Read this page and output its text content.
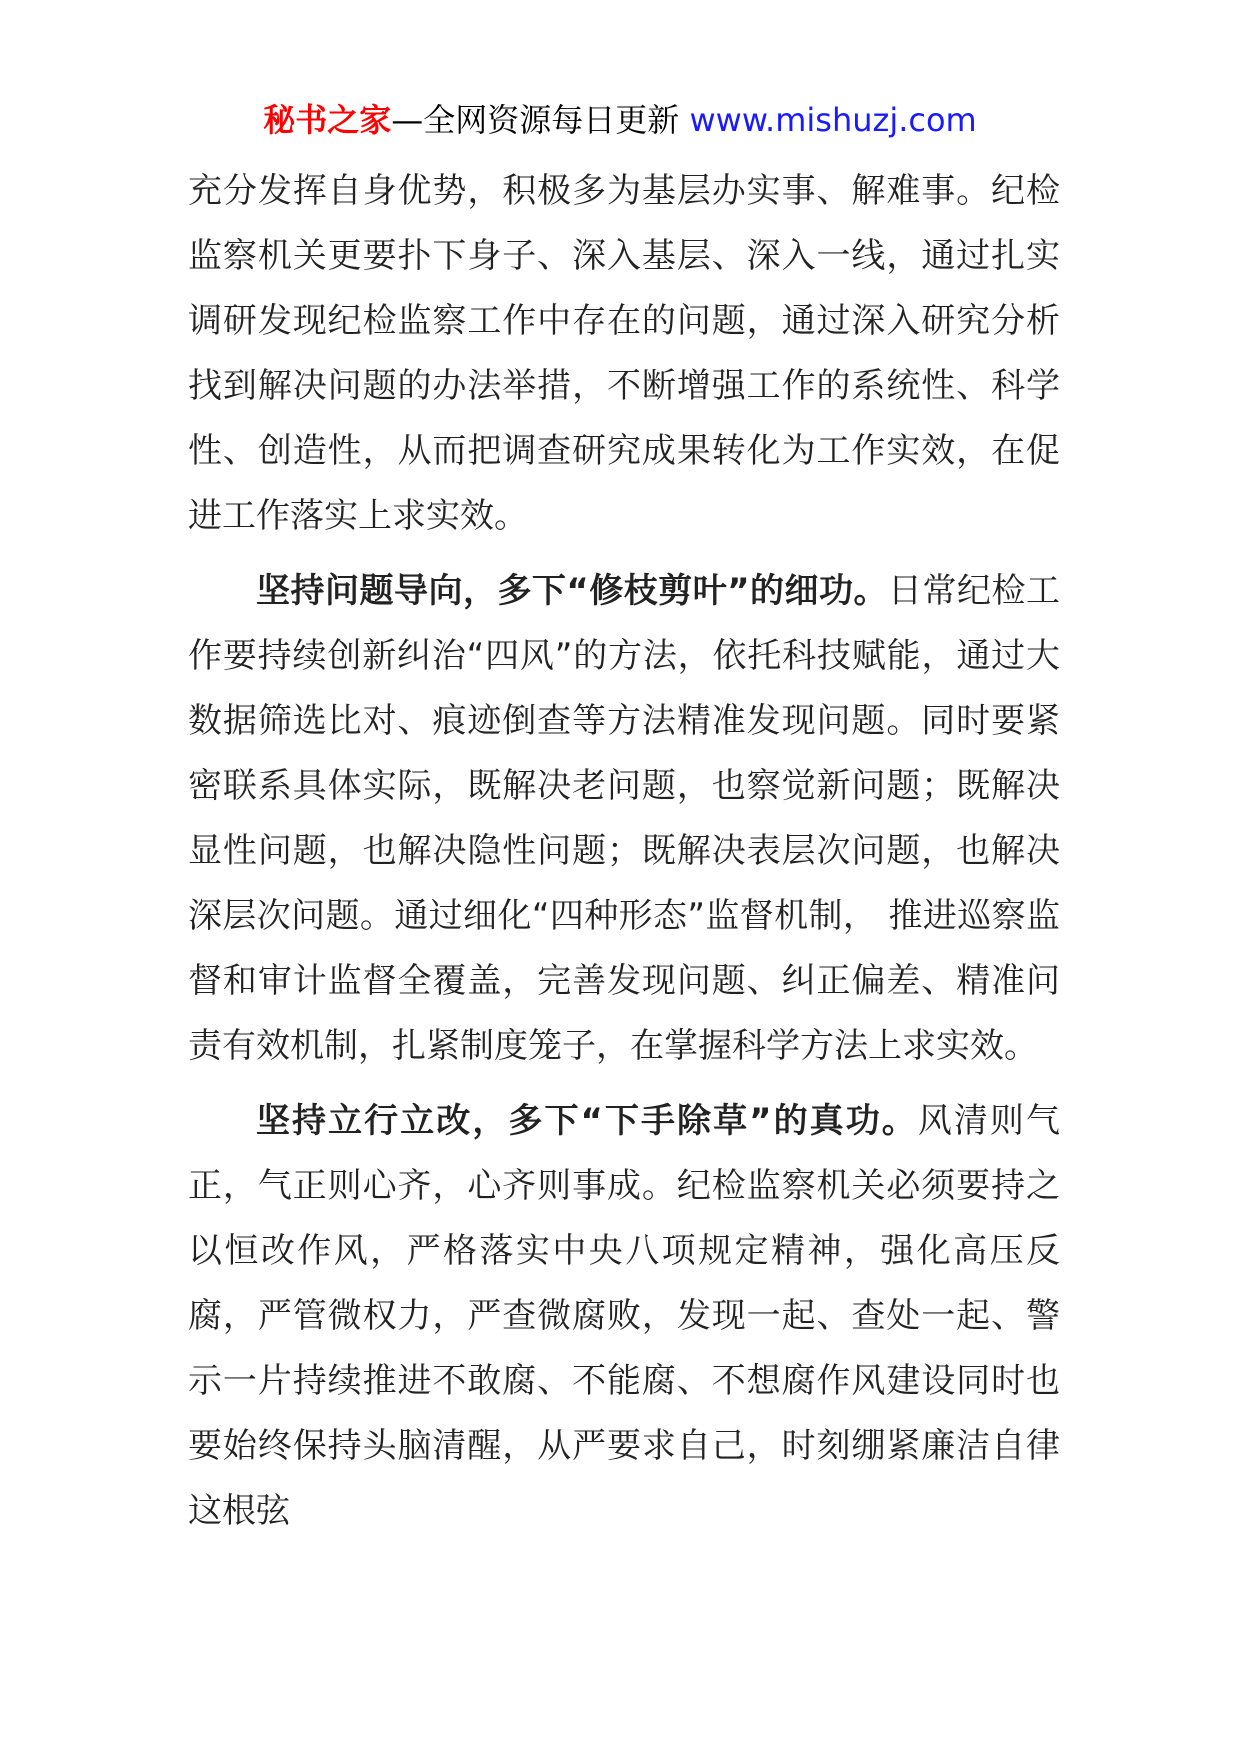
秘书之家—全网资源每日更新 www.mishuzj.com

充分发挥自身优势，积极多为基层办实事、解难事。纪检监察机关更要扑下身子、深入基层、深入一线，通过扎实调研发现纪检监察工作中存在的问题，通过深入研究分析找到解决问题的办法举措，不断增强工作的系统性、科学性、创造性，从而把调查研究成果转化为工作实效，在促进工作落实上求实效。

坚持问题导向，多下“修枝剪叶”的细功。日常纪检工作要持续创新纠治“四风”的方法，依托科技赋能，通过大数据筛选比对、痕迹倒查等方法精准发现问题。同时要紧密联系具体实际，既解决老问题，也察觉新问题；既解决显性问题，也解决隐性问题；既解决表层次问题，也解决深层次问题。通过细化“四种形态”监督机制， 推进巡察监督和审计监督全覆盖，完善发现问题、纠正偏差、精准问责有效机制，扎紧制度笼子，在掌握科学方法上求实效。

坚持立行立改，多下“下手除草”的真功。风清则气正，气正则心齐，心齐则事成。纪检监察机关必须要持之以恒改作风，严格落实中央八项规定精神，强化高压反腐，严管微权力，严查微腐败，发现一起、查处一起、警示一片持续推进不敢腐、不能腐、不想腐作风建设同时也要始终保持头脑清醒，从严要求自己，时刻绷紧廉洁自律这根弦
